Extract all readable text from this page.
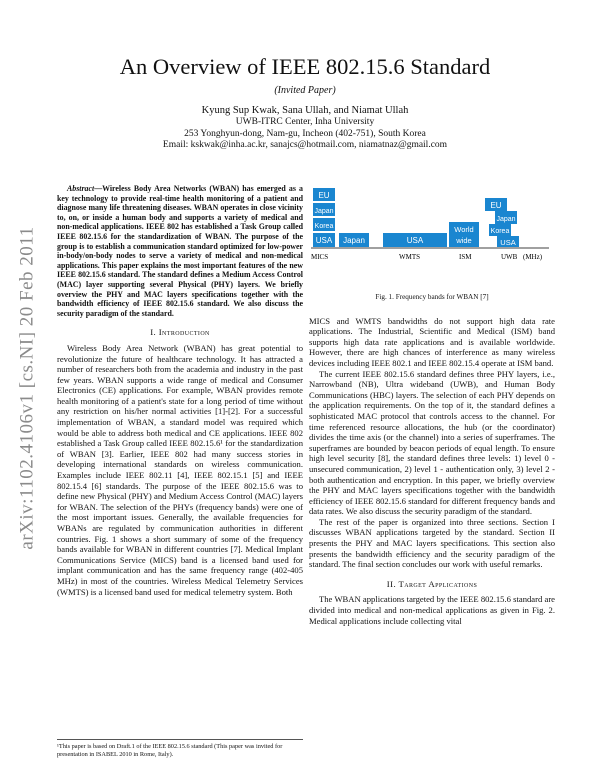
arXiv:1102.4106v1 [cs.NI] 20 Feb 2011
An Overview of IEEE 802.15.6 Standard
(Invited Paper)
Kyung Sup Kwak, Sana Ullah, and Niamat Ullah
UWB-ITRC Center, Inha University
253 Yonghyun-dong, Nam-gu, Incheon (402-751), South Korea
Email: kskwak@inha.ac.kr, sanajcs@hotmail.com, niamatnaz@gmail.com

Abstract—Wireless Body Area Networks (WBAN) has emerged as a key technology to provide real-time health monitoring of a patient and diagnose many life threatening diseases. WBAN operates in close vicinity to, on, or inside a human body and supports a variety of medical and non-medical applications. IEEE 802 has established a Task Group called IEEE 802.15.6 for the standardization of WBAN. The purpose of the group is to establish a communication standard optimized for low-power in-body/on-body nodes to serve a variety of medical and non-medical applications. This paper explains the most important features of the new IEEE 802.15.6 standard. The standard defines a Medium Access Control (MAC) layer supporting several Physical (PHY) layers. We briefly overview the PHY and MAC layers specifications together with the bandwidth efficiency of IEEE 802.15.6 standard. We also discuss the security paradigm of the standard.

I. Introduction

Wireless Body Area Network (WBAN) has great potential to revolutionize the future of healthcare technology. It has attracted a number of researchers both from the academia and industry in the past few years. WBAN supports a wide range of medical and Consumer Electronics (CE) applications. For example, WBAN provides remote health monitoring of a patient's state for a long period of time without any restriction on his/her normal activities [1]-[2]. For a successful implementation of WBAN, a standard model was required which would be able to address both medical and CE applications. IEEE 802 established a Task Group called IEEE 802.15.6¹ for the standardization of WBAN [3]. Earlier, IEEE 802 had many success stories in developing international standards on wireless communication. Examples include IEEE 802.11 [4], IEEE 802.15.1 [5] and IEEE 802.15.4 [6] standards. The purpose of the IEEE 802.15.6 was to define new Physical (PHY) and Medium Access Control (MAC) layers for WBAN. The selection of the PHYs (frequency bands) were one of the most important issues. Generally, the available frequencies for WBANs are regulated by communication authorities in different countries. Fig. 1 shows a short summary of some of the frequency bands available for WBAN in different countries [7]. Medical Implant Communications Service (MICS) band is a licensed band used for implant communication and has the same frequency range (402-405 MHz) in most of the countries. Wireless Medical Telemetry Services (WMTS) is a licensed band used for medical telemetry system. Both

¹This paper is based on Draft.1 of the IEEE 802.15.6 standard (This paper was invited for presentation in ISABEL 2010 in Rome, Italy).
EU
Japan
Korea
USA Japan	USA
World
wide
EU
Japan
Korea
USA
MICS	WMTS	ISM	UWB (MHz)
Fig. 1. Frequency bands for WBAN [7]

MICS and WMTS bandwidths do not support high data rate applications. The Industrial, Scientific and Medical (ISM) band supports high data rate applications and is available worldwide. However, there are high chances of interference as many wireless devices including IEEE 802.1 and IEEE 802.15.4 operate at ISM band.

The current IEEE 802.15.6 standard defines three PHY layers, i.e., Narrowband (NB), Ultra wideband (UWB), and Human Body Communications (HBC) layers. The selection of each PHY depends on the application requirements. On the top of it, the standard defines a sophisticated MAC protocol that controls access to the channel. For time referenced resource allocations, the hub (or the coordinator) divides the time axis (or the channel) into a series of superframes. The superframes are bounded by beacon periods of equal length. To ensure high level security [8], the standard defines three levels: 1) level 0 - unsecured communication, 2) level 1 - authentication only, 3) level 2 - both authentication and encryption. In this paper, we briefly overview the PHY and MAC layers specifications together with the bandwidth efficiency of IEEE 802.15.6 standard for different frequency bands and data rates. We also discuss the security paradigm of the standard.

The rest of the paper is organized into three sections. Section I discusses WBAN applications targeted by the standard. Section II presents the PHY and MAC layers specifications. This section also presents the bandwidth efficiency and the security paradigm of the standard. The final section concludes our work with useful remarks.

II. Target Applications

The WBAN applications targeted by the IEEE 802.15.6 standard are divided into medical and non-medical applications as given in Fig. 2. Medical applications include collecting vital
